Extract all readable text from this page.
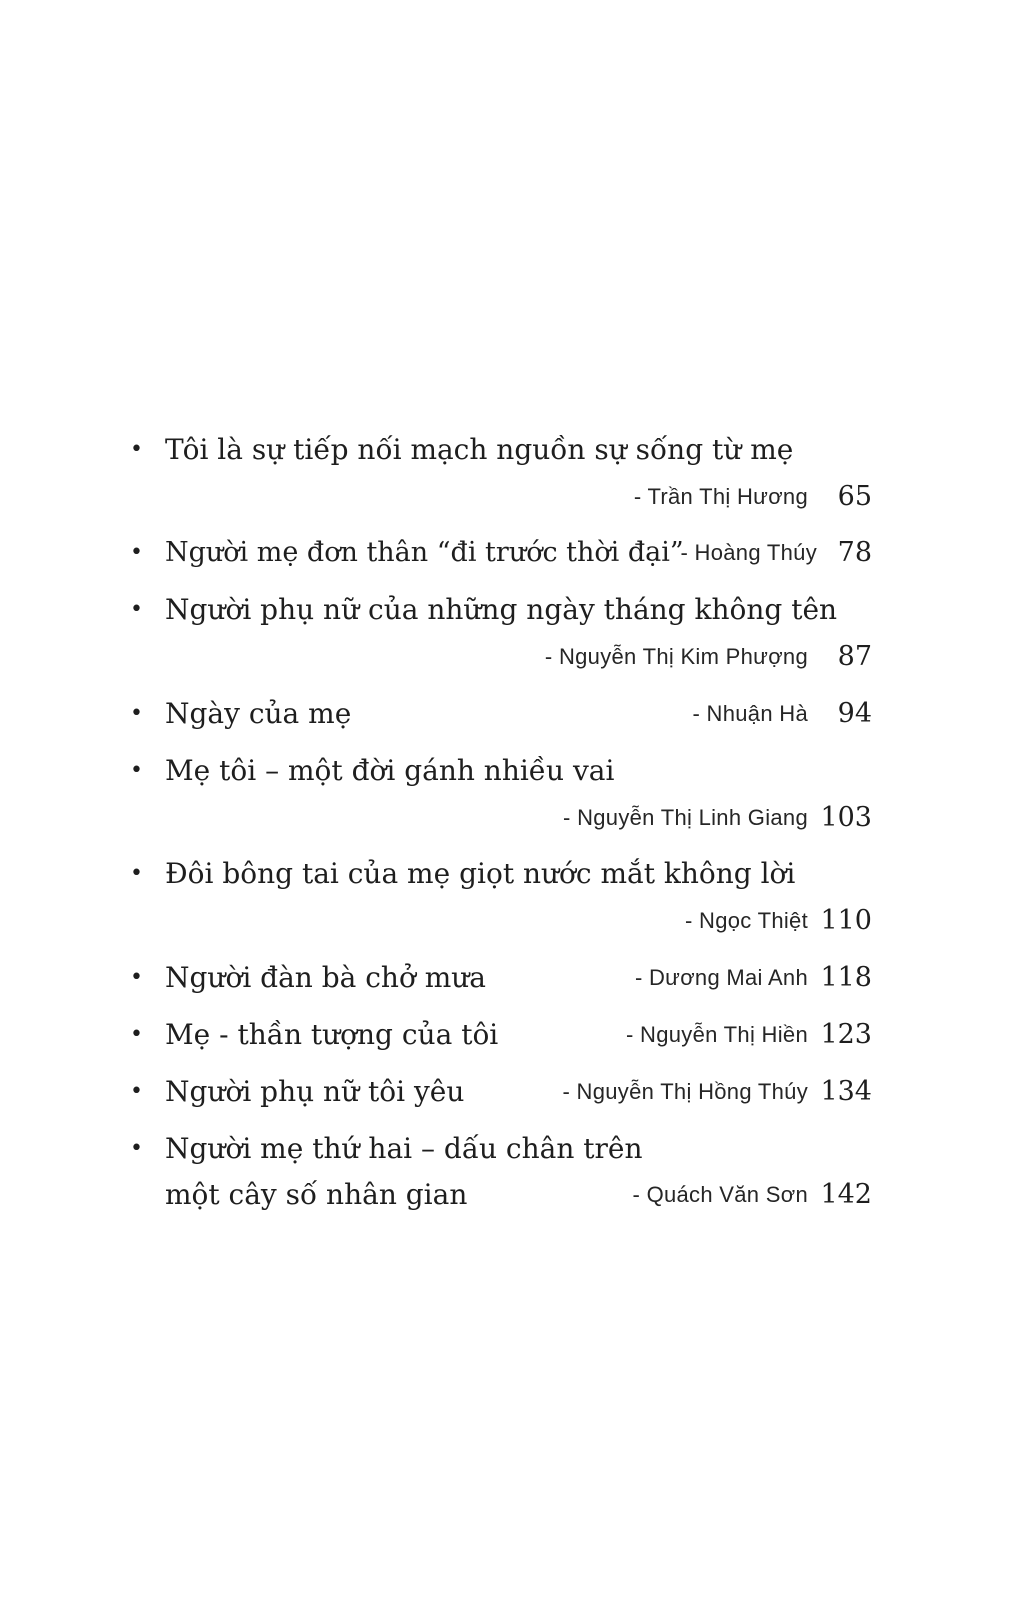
• Tôi là sự tiếp nối mạch nguồn sự sống từ mẹ
- Trần Thị Hương	65
• Người mẹ đơn thân “đi trước thời đại”
- Hoàng Thúy 78
• Người phụ nữ của những ngày tháng không tên
- Nguyễn Thị Kim Phượng	87
• Ngày của mẹ	- Nhuận Hà	94
• Mẹ tôi – một đời gánh nhiều vai
- Nguyễn Thị Linh Giang 103
• Đôi bông tai của mẹ giọt nước mắt không lời
- Ngọc Thiệt 110
• Người đàn bà chở mưa	- Dương Mai Anh 118
• Mẹ - thần tượng của tôi	- Nguyễn Thị Hiền 123
• Người phụ nữ tôi yêu	- Nguyễn Thị Hồng Thúy 134
• Người mẹ thứ hai – dấu chân trên
một cây số nhân gian	- Quách Văn Sơn 142
